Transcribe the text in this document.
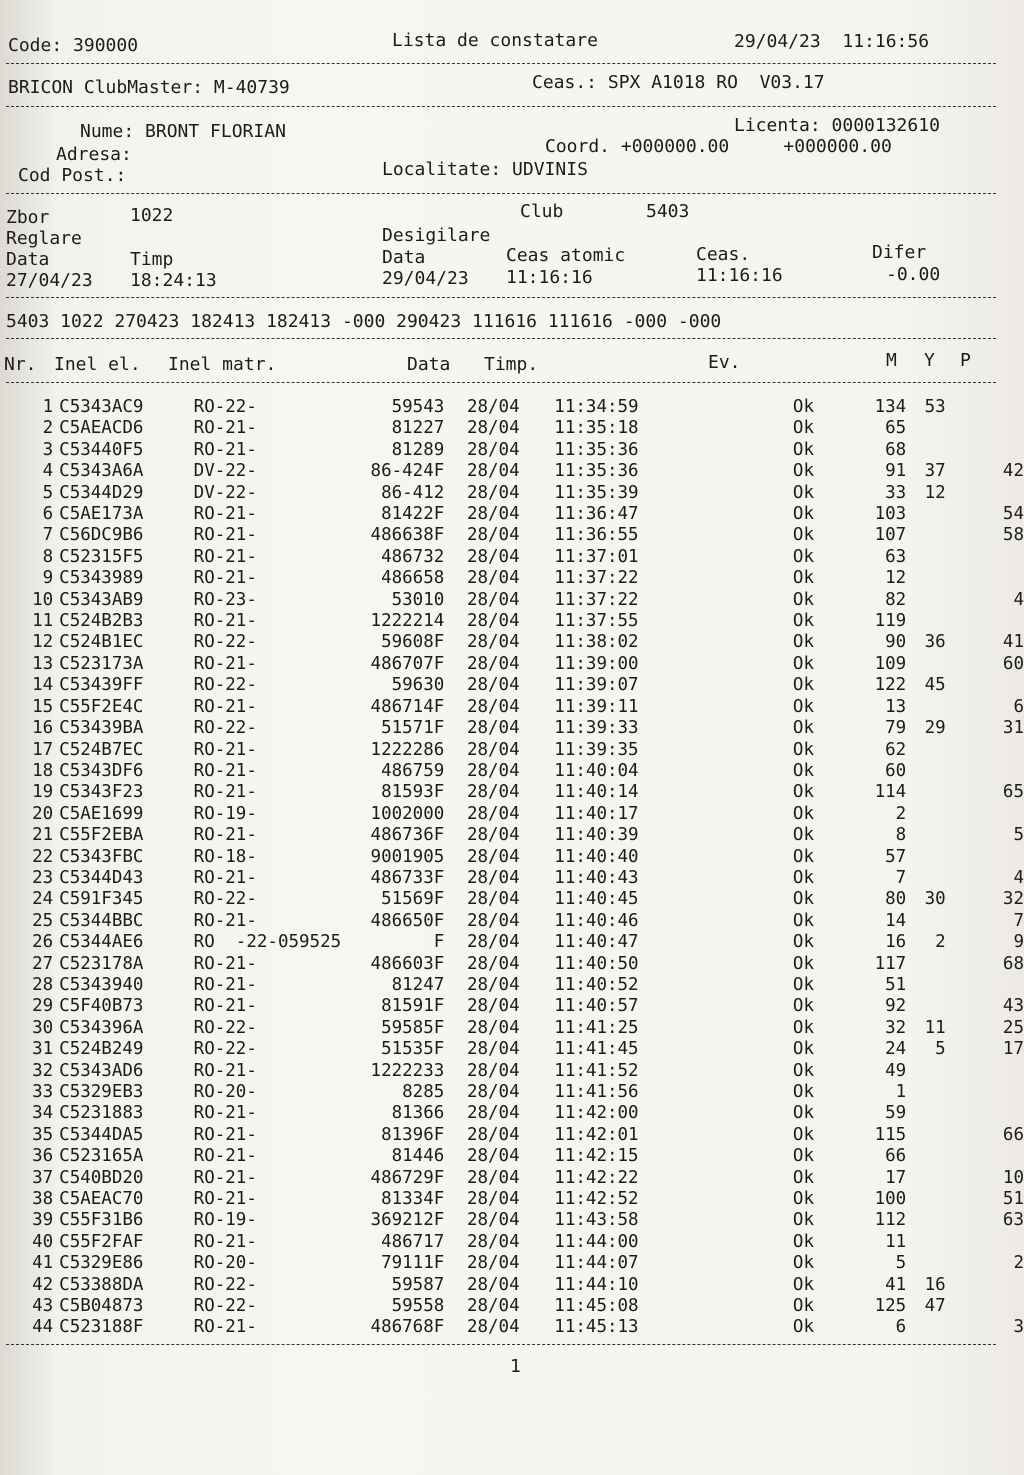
Code: 390000	Lista de constatare	29/04/23  11:16:56
BRICON ClubMaster: M-40739	Ceas.: SPX A1018 RO  V03.17
Nume: BRONT FLORIAN	Licenta: 0000132610
Adresa:	Coord. +000000.00     +000000.00
Cod Post.:	Localitate: UDVINIS
Zbor	1022	Club	5403
Reglare	Desigilare
Data	Timp	Data	Ceas atomic	Ceas.	Difer
27/04/23 18:24:13	29/04/23 11:16:16	11:16:16	-0.00
5403 1022 270423 182413 182413 -000 290423 111616 111616 -000 -000
Nr. Inel el. Inel matr.	Data Timp.	Ev.	M Y P
1	C5343AC9	RO-22-	59543	28/04	11:34:59	Ok	134	53	
2	C5AEACD6	RO-21-	81227	28/04	11:35:18	Ok	65		
3	C53440F5	RO-21-	81289	28/04	11:35:36	Ok	68		
4	C5343A6A	DV-22-	86-424F	28/04	11:35:36	Ok	91	37	42
5	C5344D29	DV-22-	86-412	28/04	11:35:39	Ok	33	12	
6	C5AE173A	RO-21-	81422F	28/04	11:36:47	Ok	103		54
7	C56DC9B6	RO-21-	486638F	28/04	11:36:55	Ok	107		58
8	C52315F5	RO-21-	486732	28/04	11:37:01	Ok	63		
9	C5343989	RO-21-	486658	28/04	11:37:22	Ok	12		
10	C5343AB9	RO-23-	53010	28/04	11:37:22	Ok	82		4
11	C524B2B3	RO-21-	1222214	28/04	11:37:55	Ok	119		
12	C524B1EC	RO-22-	59608F	28/04	11:38:02	Ok	90	36	41
13	C523173A	RO-21-	486707F	28/04	11:39:00	Ok	109		60
14	C53439FF	RO-22-	59630	28/04	11:39:07	Ok	122	45	
15	C55F2E4C	RO-21-	486714F	28/04	11:39:11	Ok	13		6
16	C53439BA	RO-22-	51571F	28/04	11:39:33	Ok	79	29	31
17	C524B7EC	RO-21-	1222286	28/04	11:39:35	Ok	62		
18	C5343DF6	RO-21-	486759	28/04	11:40:04	Ok	60		
19	C5343F23	RO-21-	81593F	28/04	11:40:14	Ok	114		65
20	C5AE1699	RO-19-	1002000	28/04	11:40:17	Ok	2		
21	C55F2EBA	RO-21-	486736F	28/04	11:40:39	Ok	8		5
22	C5343FBC	RO-18-	9001905	28/04	11:40:40	Ok	57		
23	C5344D43	RO-21-	486733F	28/04	11:40:43	Ok	7		4
24	C591F345	RO-22-	51569F	28/04	11:40:45	Ok	80	30	32
25	C5344BBC	RO-21-	486650F	28/04	11:40:46	Ok	14		7
26	C5344AE6	RO  -22-059525	F	28/04	11:40:47	Ok	16	2	9
27	C523178A	RO-21-	486603F	28/04	11:40:50	Ok	117		68
28	C5343940	RO-21-	81247	28/04	11:40:52	Ok	51		
29	C5F40B73	RO-21-	81591F	28/04	11:40:57	Ok	92		43
30	C534396A	RO-22-	59585F	28/04	11:41:25	Ok	32	11	25
31	C524B249	RO-22-	51535F	28/04	11:41:45	Ok	24	5	17
32	C5343AD6	RO-21-	1222233	28/04	11:41:52	Ok	49		
33	C5329EB3	RO-20-	8285	28/04	11:41:56	Ok	1		
34	C5231883	RO-21-	81366	28/04	11:42:00	Ok	59		
35	C5344DA5	RO-21-	81396F	28/04	11:42:01	Ok	115		66
36	C523165A	RO-21-	81446	28/04	11:42:15	Ok	66		
37	C540BD20	RO-21-	486729F	28/04	11:42:22	Ok	17		10
38	C5AEAC70	RO-21-	81334F	28/04	11:42:52	Ok	100		51
39	C55F31B6	RO-19-	369212F	28/04	11:43:58	Ok	112		63
40	C55F2FAF	RO-21-	486717	28/04	11:44:00	Ok	11		
41	C5329E86	RO-20-	79111F	28/04	11:44:07	Ok	5		2
42	C53388DA	RO-22-	59587	28/04	11:44:10	Ok	41	16	
43	C5B04873	RO-22-	59558	28/04	11:45:08	Ok	125	47	
44	C523188F	RO-21-	486768F	28/04	11:45:13	Ok	6		3
1
